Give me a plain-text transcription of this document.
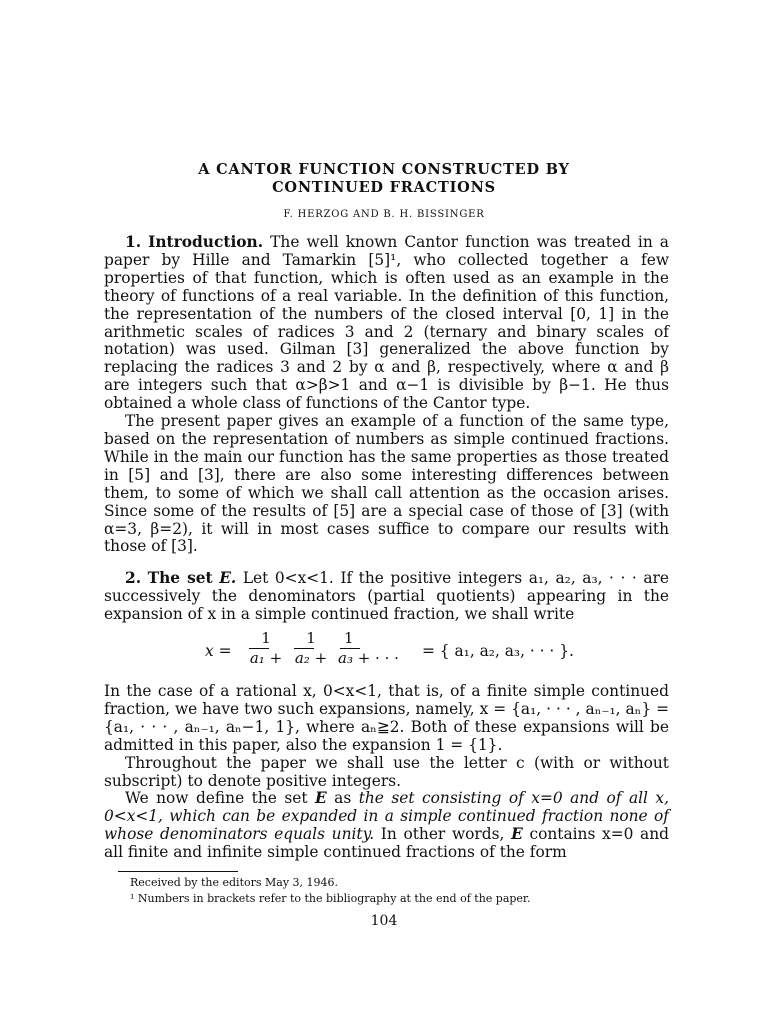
A CANTOR FUNCTION CONSTRUCTED BY
CONTINUED FRACTIONS
F. HERZOG AND B. H. BISSINGER

1. Introduction. The well known Cantor function was treated in a paper by Hille and Tamarkin [5]¹, who collected together a few properties of that function, which is often used as an example in the theory of functions of a real variable. In the definition of this function, the representation of the numbers of the closed interval [0, 1] in the arithmetic scales of radices 3 and 2 (ternary and binary scales of notation) was used. Gilman [3] generalized the above function by replacing the radices 3 and 2 by α and β, respectively, where α and β are integers such that α>β>1 and α−1 is divisible by β−1. He thus obtained a whole class of functions of the Cantor type.

The present paper gives an example of a function of the same type, based on the representation of numbers as simple continued fractions. While in the main our function has the same properties as those treated in [5] and [3], there are also some interesting differences between them, to some of which we shall call attention as the occasion arises. Since some of the results of [5] are a special case of those of [3] (with α=3, β=2), it will in most cases suffice to compare our results with those of [3].

2. The set E. Let 0<x<1. If the positive integers a₁, a₂, a₃, · · · are successively the denominators (partial quotients) appearing in the expansion of x in a simple continued fraction, we shall write

x =
1
a₁ +
1
a₂ +
1
a₃ + · · ·	= { a₁, a₂, a₃, · · · }.

In the case of a rational x, 0<x<1, that is, of a finite simple continued fraction, we have two such expansions, namely, x = {a₁, · · · , aₙ₋₁, aₙ} = {a₁, · · · , aₙ₋₁, aₙ−1, 1}, where aₙ≧2. Both of these expansions will be admitted in this paper, also the expansion 1 = {1}.

Throughout the paper we shall use the letter c (with or without subscript) to denote positive integers.

We now define the set E as the set consisting of x=0 and of all x, 0<x<1, which can be expanded in a simple continued fraction none of whose denominators equals unity. In other words, E contains x=0 and all finite and infinite simple continued fractions of the form

Received by the editors May 3, 1946.
¹ Numbers in brackets refer to the bibliography at the end of the paper.
104
